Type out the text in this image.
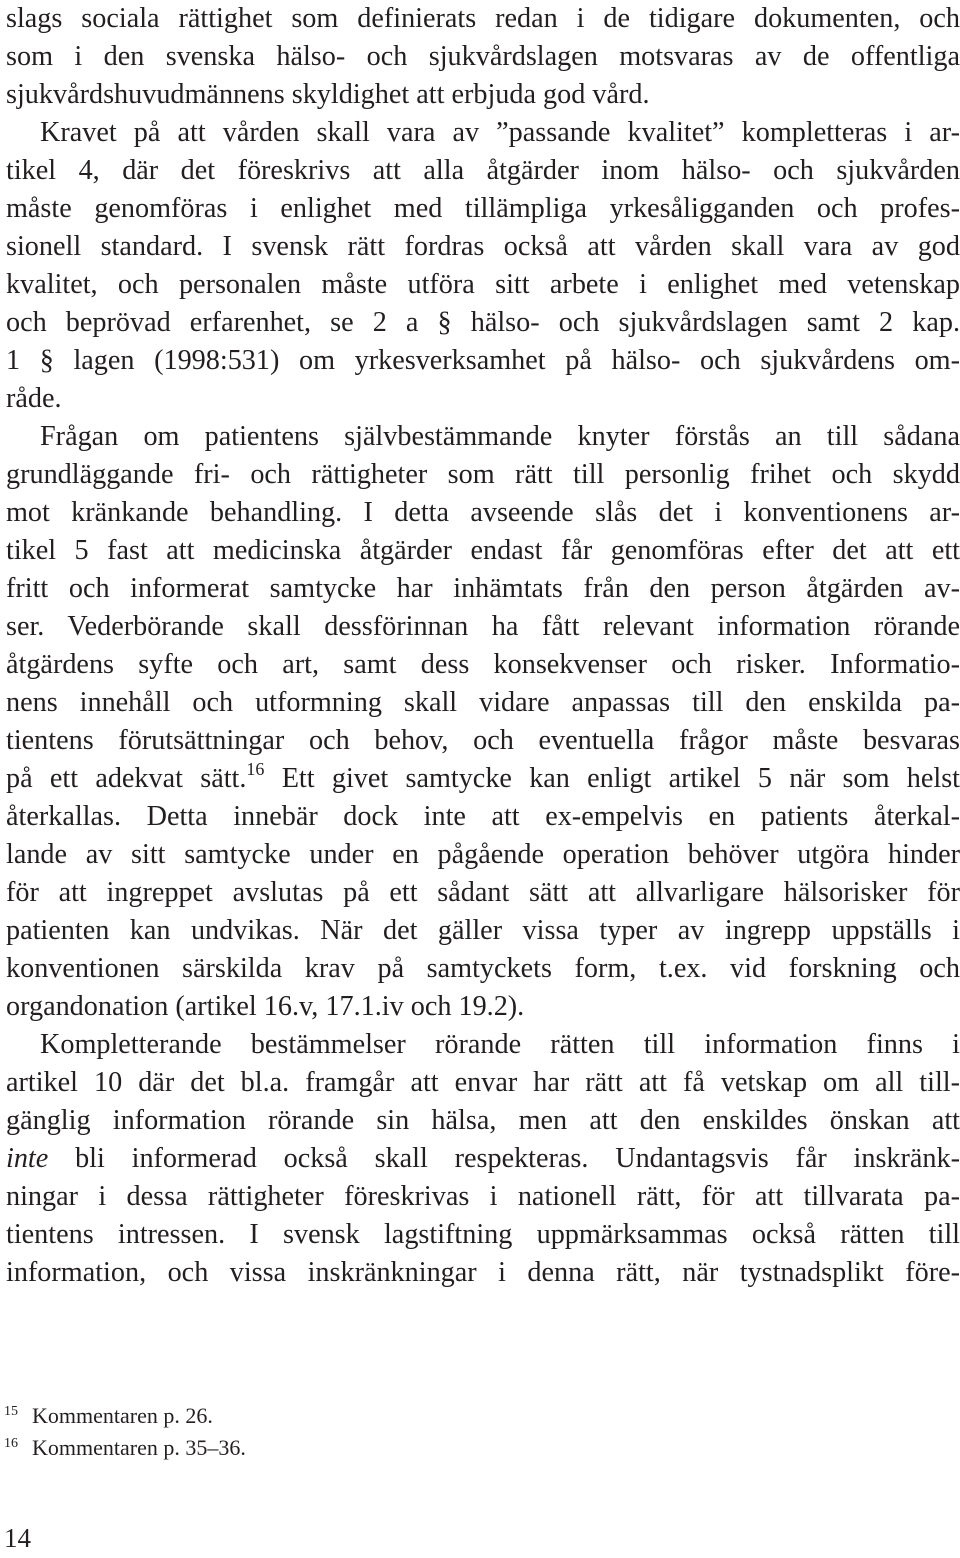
slags sociala rättighet som definierats redan i de tidigare dokumenten, och
som i den svenska hälso- och sjukvårdslagen motsvaras av de offentliga
sjukvårdshuvudmännens skyldighet att erbjuda god vård.
Kravet på att vården skall vara av ”passande kvalitet” kompletteras i ar-
tikel 4, där det föreskrivs att alla åtgärder inom hälso- och sjukvården
måste genomföras i enlighet med tillämpliga yrkesåligganden och profes-
sionell standard. I svensk rätt fordras också att vården skall vara av god
kvalitet, och personalen måste utföra sitt arbete i enlighet med vetenskap
och beprövad erfarenhet, se 2 a § hälso- och sjukvårdslagen samt 2 kap.
1 § lagen (1998:531) om yrkesverksamhet på hälso- och sjukvårdens om-
råde.
Frågan om patientens självbestämmande knyter förstås an till sådana
grundläggande fri- och rättigheter som rätt till personlig frihet och skydd
mot kränkande behandling. I detta avseende slås det i konventionens ar-
tikel 5 fast att medicinska åtgärder endast får genomföras efter det att ett
fritt och informerat samtycke har inhämtats från den person åtgärden av-
ser. Vederbörande skall dessförinnan ha fått relevant information rörande
åtgärdens syfte och art, samt dess konsekvenser och risker. Informatio-
nens innehåll och utformning skall vidare anpassas till den enskilda pa-
tientens förutsättningar och behov, och eventuella frågor måste besvaras
på ett adekvat sätt.$^{16}$ Ett givet samtycke kan enligt artikel 5 när som helst
återkallas. Detta innebär dock inte att ex-empelvis en patients återkal-
lande av sitt samtycke under en pågående operation behöver utgöra hinder
för att ingreppet avslutas på ett sådant sätt att allvarligare hälsorisker för
patienten kan undvikas. När det gäller vissa typer av ingrepp uppställs i
konventionen särskilda krav på samtyckets form, t.ex. vid forskning och
organdonation (artikel 16.v, 17.1.iv och 19.2).
Kompletterande bestämmelser rörande rätten till information finns i
artikel 10 där det bl.a. framgår att envar har rätt att få vetskap om all till-
gänglig information rörande sin hälsa, men att den enskildes önskan att
inte bli informerad också skall respekteras. Undantagsvis får inskränk-
ningar i dessa rättigheter föreskrivas i nationell rätt, för att tillvarata pa-
tientens intressen. I svensk lagstiftning uppmärksammas också rätten till
information, och vissa inskränkningar i denna rätt, när tystnadsplikt före-
15 Kommentaren p. 26.
16 Kommentaren p. 35–36.
14
